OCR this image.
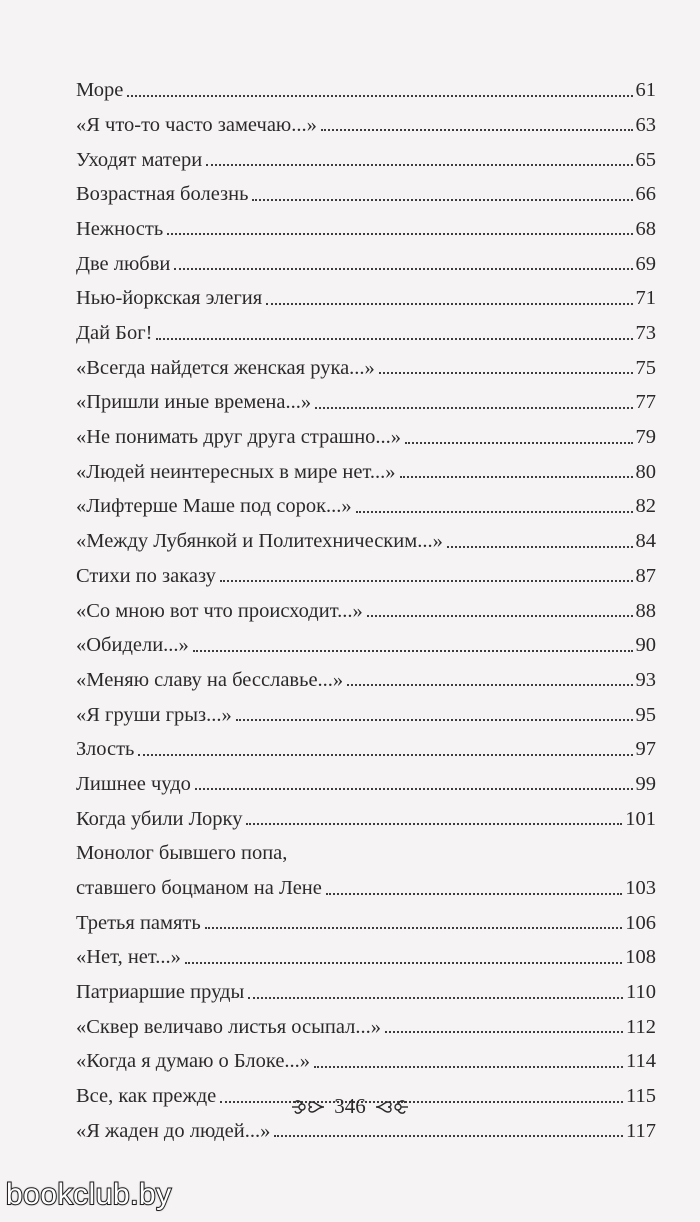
Море	61
«Я что-то часто замечаю...»	63
Уходят матери	65
Возрастная болезнь	66
Нежность	68
Две любви	69
Нью-йоркская элегия	71
Дай Бог!	73
«Всегда найдется женская рука...»	75
«Пришли иные времена...»	77
«Не понимать друг друга страшно...»	79
«Людей неинтересных в мире нет...»	80
«Лифтерше Маше под сорок...»	82
«Между Лубянкой и Политехническим...»	84
Стихи по заказу	87
«Со мною вот что происходит...»	88
«Обидели...»	90
«Меняю славу на бесславье...»	93
«Я груши грыз...»	95
Злость	97
Лишнее чудо	99
Когда убили Лорку	101
Монолог бывшего попа,
ставшего боцманом на Лене	103
Третья память	106
«Нет, нет...»	108
Патриаршие пруды	110
«Сквер величаво листья осыпал...»	112
«Когда я думаю о Блоке...»	114
Все, как прежде	115
«Я жаден до людей...»	117
346
bookclub.by
